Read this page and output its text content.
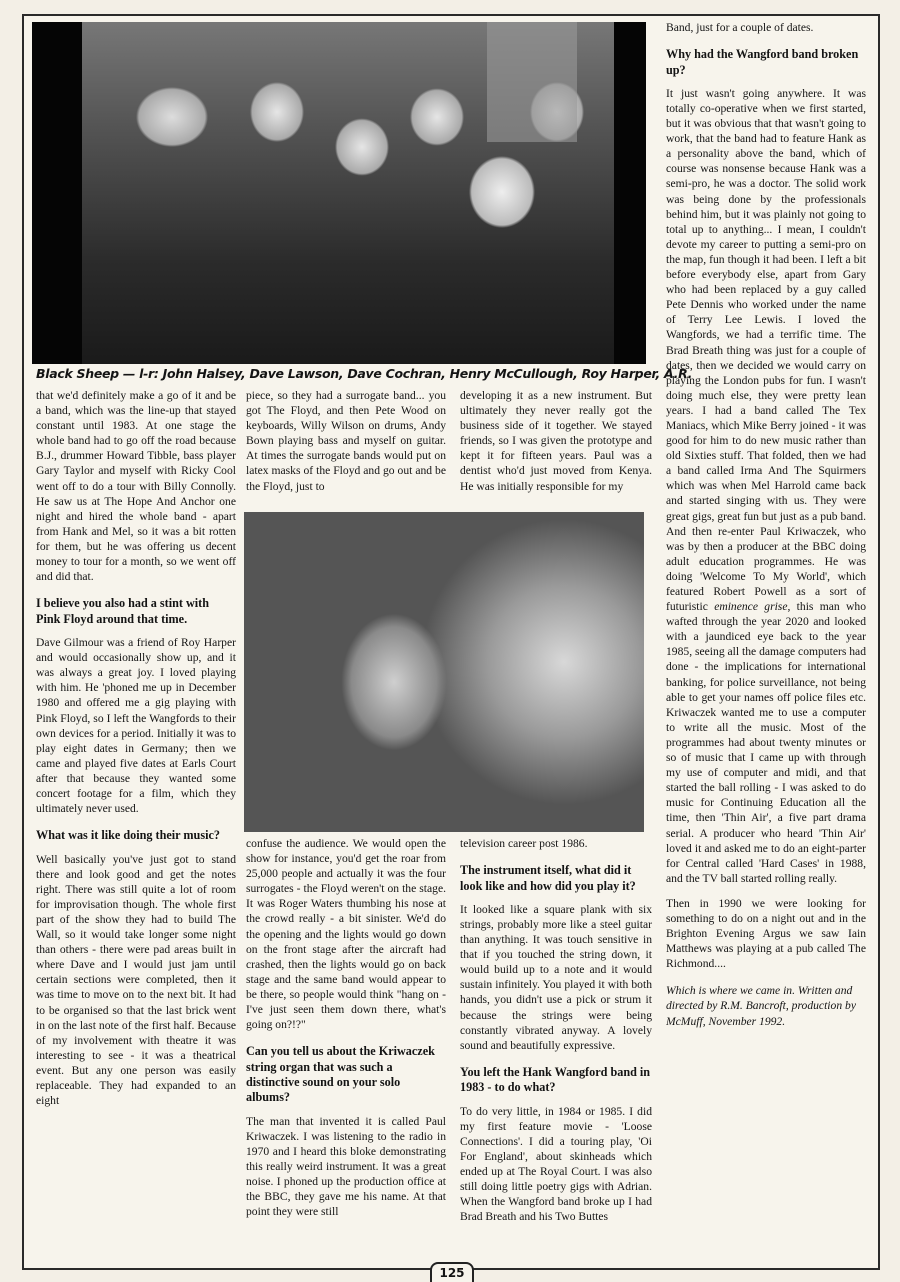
Black Sheep — l-r: John Halsey, Dave Lawson, Dave Cochran, Henry McCullough, Roy Harper, A.R.

that we'd definitely make a go of it and be a band, which was the line-up that stayed constant until 1983. At one stage the whole band had to go off the road because B.J., drummer Howard Tibble, bass player Gary Taylor and myself with Ricky Cool went off to do a tour with Billy Connolly. He saw us at The Hope And Anchor one night and hired the whole band - apart from Hank and Mel, so it was a bit rotten for them, but he was offering us decent money to tour for a month, so we went off and did that.

I believe you also had a stint with Pink Floyd around that time.

Dave Gilmour was a friend of Roy Harper and would occasionally show up, and it was always a great joy. I loved playing with him. He 'phoned me up in December 1980 and offered me a gig playing with Pink Floyd, so I left the Wangfords to their own devices for a period. Initially it was to play eight dates in Germany; then we came and played five dates at Earls Court after that because they wanted some concert footage for a film, which they ultimately never used.

What was it like doing their music?

Well basically you've just got to stand there and look good and get the notes right. There was still quite a lot of room for improvisation though. The whole first part of the show they had to build The Wall, so it would take longer some night than others - there were pad areas built in where Dave and I would just jam until certain sections were completed, then it was time to move on to the next bit. It had to be organised so that the last brick went in on the last note of the first half. Because of my involvement with theatre it was interesting to see - it was a theatrical event. But any one person was easily replaceable. They had expanded to an eight

piece, so they had a surrogate band... you got The Floyd, and then Pete Wood on keyboards, Willy Wilson on drums, Andy Bown playing bass and myself on guitar. At times the surrogate bands would put on latex masks of the Floyd and go out and be the Floyd, just to

developing it as a new instrument. But ultimately they never really got the business side of it together. We stayed friends, so I was given the prototype and kept it for fifteen years. Paul was a dentist who'd just moved from Kenya. He was initially responsible for my

confuse the audience. We would open the show for instance, you'd get the roar from 25,000 people and actually it was the four surrogates - the Floyd weren't on the stage. It was Roger Waters thumbing his nose at the crowd really - a bit sinister. We'd do the opening and the lights would go down on the front stage after the aircraft had crashed, then the lights would go on back stage and the same band would appear to be there, so people would think "hang on - I've just seen them down there, what's going on?!?"

Can you tell us about the Kriwaczek string organ that was such a distinctive sound on your solo albums?

The man that invented it is called Paul Kriwaczek. I was listening to the radio in 1970 and I heard this bloke demonstrating this really weird instrument. It was a great noise. I phoned up the production office at the BBC, they gave me his name. At that point they were still

television career post 1986.

The instrument itself, what did it look like and how did you play it?

It looked like a square plank with six strings, probably more like a steel guitar than anything. It was touch sensitive in that if you touched the string down, it would build up to a note and it would sustain infinitely. You played it with both hands, you didn't use a pick or strum it because the strings were being constantly vibrated anyway. A lovely sound and beautifully expressive.

You left the Hank Wangford band in 1983 - to do what?

To do very little, in 1984 or 1985. I did my first feature movie - 'Loose Connections'. I did a touring play, 'Oi For England', about skinheads which ended up at The Royal Court. I was also still doing little poetry gigs with Adrian. When the Wangford band broke up I had Brad Breath and his Two Buttes

Band, just for a couple of dates.

Why had the Wangford band broken up?

It just wasn't going anywhere. It was totally co-operative when we first started, but it was obvious that that wasn't going to work, that the band had to feature Hank as a personality above the band, which of course was nonsense because Hank was a semi-pro, he was a doctor. The solid work was being done by the professionals behind him, but it was plainly not going to total up to anything... I mean, I couldn't devote my career to putting a semi-pro on the map, fun though it had been. I left a bit before everybody else, apart from Gary who had been replaced by a guy called Pete Dennis who worked under the name of Terry Lee Lewis. I loved the Wangfords, we had a terrific time. The Brad Breath thing was just for a couple of dates, then we decided we would carry on playing the London pubs for fun. I wasn't doing much else, they were pretty lean years. I had a band called The Tex Maniacs, which Mike Berry joined - it was good for him to do new music rather than old Sixties stuff. That folded, then we had a band called Irma And The Squirmers which was when Mel Harrold came back and started singing with us. They were great gigs, great fun but just as a pub band. And then re-enter Paul Kriwaczek, who was by then a producer at the BBC doing adult education programmes. He was doing 'Welcome To My World', which featured Robert Powell as a sort of futuristic eminence grise, this man who wafted through the year 2020 and looked with a jaundiced eye back to the year 1985, seeing all the damage computers had done - the implications for international banking, for police surveillance, not being able to get your names off police files etc. Kriwaczek wanted me to use a computer to write all the music. Most of the programmes had about twenty minutes or so of music that I came up with through my use of computer and midi, and that started the ball rolling - I was asked to do music for Continuing Education all the time, then 'Thin Air', a five part drama serial. A producer who heard 'Thin Air' loved it and asked me to do an eight-parter for Central called 'Hard Cases' in 1988, and the TV ball started rolling really.

Then in 1990 we were looking for something to do on a night out and in the Brighton Evening Argus we saw Iain Matthews was playing at a pub called The Richmond....

Which is where we came in. Written and directed by R.M. Bancroft, production by McMuff, November 1992.

125
